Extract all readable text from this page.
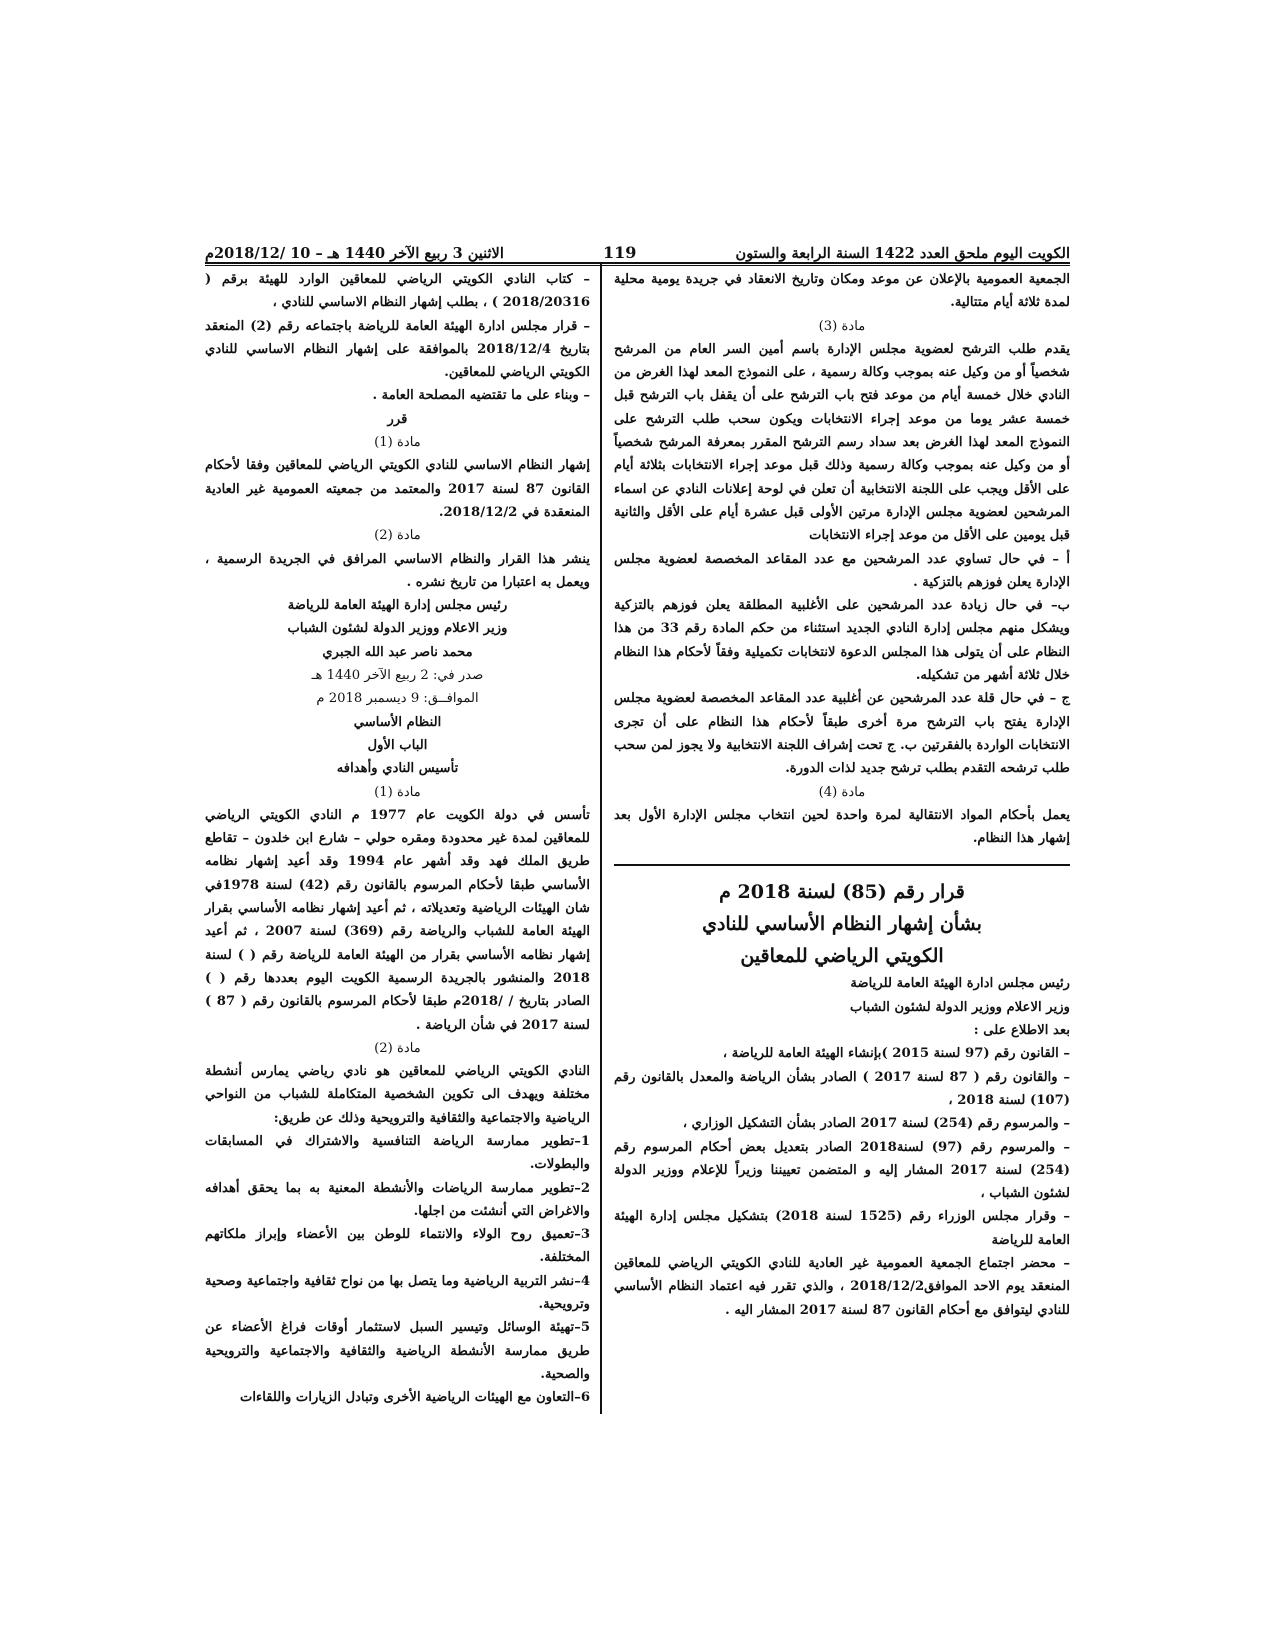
الكويت اليوم ملحق العدد 1422 السنة الرابعة والستون
119
الاثنين 3 ربيع الآخر 1440 هـ – 10 /2018/12م

الجمعية العمومية بالإعلان عن موعد ومكان وتاريخ الانعقاد في جريدة يومية محلية لمدة ثلاثة أيام متتالية.

مادة (3)

يقدم طلب الترشح لعضوية مجلس الإدارة باسم أمين السر العام من المرشح شخصياً أو من وكيل عنه بموجب وكالة رسمية ، على النموذج المعد لهذا الغرض من النادي خلال خمسة أيام من موعد فتح باب الترشح على أن يقفل باب الترشح قبل خمسة عشر يوما من موعد إجراء الانتخابات ويكون سحب طلب الترشح على النموذج المعد لهذا الغرض بعد سداد رسم الترشح المقرر بمعرفة المرشح شخصياً أو من وكيل عنه بموجب وكالة رسمية وذلك قبل موعد إجراء الانتخابات بثلاثة أيام على الأقل ويجب على اللجنة الانتخابية أن تعلن في لوحة إعلانات النادي عن اسماء المرشحين لعضوية مجلس الإدارة مرتين الأولى قبل عشرة أيام على الأقل والثانية قبل يومين على الأقل من موعد إجراء الانتخابات

أ – في حال تساوي عدد المرشحين مع عدد المقاعد المخصصة لعضوية مجلس الإدارة يعلن فوزهم بالتزكية .

ب– في حال زيادة عدد المرشحين على الأغلبية المطلقة يعلن فوزهم بالتزكية ويشكل منهم مجلس إدارة النادي الجديد استثناء من حكم المادة رقم 33 من هذا النظام على أن يتولى هذا المجلس الدعوة لانتخابات تكميلية وفقاً لأحكام هذا النظام خلال ثلاثة أشهر من تشكيله.

ج – في حال قلة عدد المرشحين عن أغلبية عدد المقاعد المخصصة لعضوية مجلس الإدارة يفتح باب الترشح مرة أخرى طبقاً لأحكام هذا النظام على أن تجرى الانتخابات الواردة بالفقرتين ب. ج تحت إشراف اللجنة الانتخابية ولا يجوز لمن سحب طلب ترشحه التقدم بطلب ترشح جديد لذات الدورة.

مادة (4)

يعمل بأحكام المواد الانتقالية لمرة واحدة لحين انتخاب مجلس الإدارة الأول بعد إشهار هذا النظام.

قرار رقم (85) لسنة 2018 م

بشأن إشهار النظام الأساسي للنادي

الكويتي الرياضي للمعاقين

رئيس مجلس ادارة الهيئة العامة للرياضة

وزير الاعلام ووزير الدولة لشئون الشباب

بعد الاطلاع على :

– القانون رقم (97 لسنة 2015 )بإنشاء الهيئة العامة للرياضة ،

– والقانون رقم ( 87 لسنة 2017 ) الصادر بشأن الرياضة والمعدل بالقانون رقم (107) لسنة 2018 ،

– والمرسوم رقم (254) لسنة 2017 الصادر بشأن التشكيل الوزاري ،

– والمرسوم رقم (97) لسنة2018 الصادر بتعديل بعض أحكام المرسوم رقم (254) لسنة 2017 المشار إليه و المتضمن تعييننا وزيراً للإعلام ووزير الدولة لشئون الشباب ،

– وقرار مجلس الوزراء رقم (1525 لسنة 2018) بتشكيل مجلس إدارة الهيئة العامة للرياضة

– محضر اجتماع الجمعية العمومية غير العادية للنادي الكويتي الرياضي للمعاقين المنعقد يوم الاحد الموافق2018/12/2 ، والذي تقرر فيه اعتماد النظام الأساسي للنادي ليتوافق مع أحكام القانون 87 لسنة 2017 المشار اليه .

– كتاب النادي الكويتي الرياضي للمعاقين الوارد للهيئة برقم ( 2018/20316 ) ، بطلب إشهار النظام الاساسي للنادي ،

– قرار مجلس ادارة الهيئة العامة للرياضة باجتماعه رقم (2) المنعقد بتاريخ 2018/12/4 بالموافقة على إشهار النظام الاساسي للنادي الكويتي الرياضي للمعاقين.

– وبناء على ما تقتضيه المصلحة العامة .

قرر

مادة (1)

إشهار النظام الاساسي للنادي الكويتي الرياضي للمعاقين وفقا لأحكام القانون 87 لسنة 2017 والمعتمد من جمعيته العمومية غير العادية المنعقدة في 2018/12/2.

مادة (2)

ينشر هذا القرار والنظام الاساسي المرافق في الجريدة الرسمية ، ويعمل به اعتبارا من تاريخ نشره .

رئيس مجلس إدارة الهيئة العامة للرياضة

وزير الاعلام ووزير الدولة لشئون الشباب

محمد ناصر عبد الله الجبري

صدر في: 2 ربيع الآخر 1440 هـ

الموافــق: 9 ديسمبر 2018 م

النظام الأساسي

الباب الأول

تأسيس النادي وأهدافه

مادة (1)

تأسس في دولة الكويت عام 1977 م النادي الكويتي الرياضي للمعاقين لمدة غير محدودة ومقره حولي – شارع ابن خلدون – تقاطع طريق الملك فهد وقد أشهر عام 1994 وقد أعيد إشهار نظامه الأساسي طبقا لأحكام المرسوم بالقانون رقم (42) لسنة 1978في شان الهيئات الرياضية وتعديلاته ، ثم أعيد إشهار نظامه الأساسي بقرار الهيئة العامة للشباب والرياضة رقم (369) لسنة 2007 ، ثم أعيد إشهار نظامه الأساسي بقرار من الهيئة العامة للرياضة رقم ( ) لسنة 2018 والمنشور بالجريدة الرسمية الكويت اليوم بعددها رقم ( ) الصادر بتاريخ / /2018م طبقا لأحكام المرسوم بالقانون رقم ( 87 ) لسنة 2017 في شأن الرياضة .

مادة (2)

النادي الكويتي الرياضي للمعاقين هو نادي رياضي يمارس أنشطة مختلفة ويهدف الى تكوين الشخصية المتكاملة للشباب من النواحي الرياضية والاجتماعية والثقافية والترويحية وذلك عن طريق:

1–تطوير ممارسة الرياضة التنافسية والاشتراك في المسابقات والبطولات.

2–تطوير ممارسة الرياضات والأنشطة المعنية به بما يحقق أهدافه والاغراض التي أنشئت من اجلها.

3–تعميق روح الولاء والانتماء للوطن بين الأعضاء وإبراز ملكاتهم المختلفة.

4–نشر التربية الرياضية وما يتصل بها من نواح ثقافية واجتماعية وصحية وترويحية.

5–تهيئة الوسائل وتيسير السبل لاستثمار أوقات فراغ الأعضاء عن طريق ممارسة الأنشطة الرياضية والثقافية والاجتماعية والترويحية والصحية.

6–التعاون مع الهيئات الرياضية الأخرى وتبادل الزيارات واللقاءات
